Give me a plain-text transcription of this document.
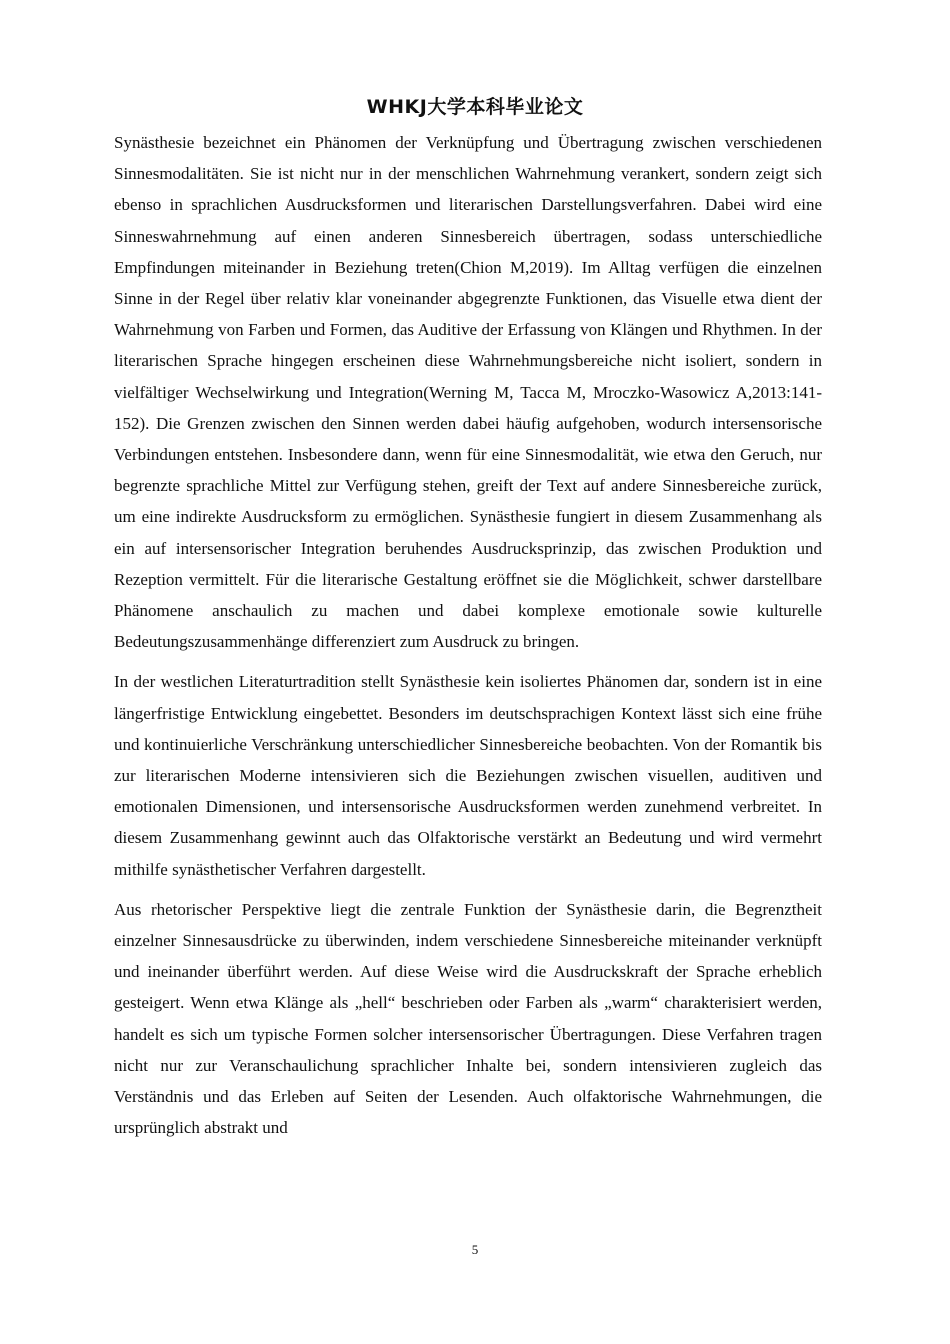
WHKJ大学本科毕业论文

Synästhesie bezeichnet ein Phänomen der Verknüpfung und Übertragung zwischen verschiedenen Sinnesmodalitäten. Sie ist nicht nur in der menschlichen Wahrnehmung verankert, sondern zeigt sich ebenso in sprachlichen Ausdrucksformen und literarischen Darstellungsverfahren. Dabei wird eine Sinneswahrnehmung auf einen anderen Sinnesbereich übertragen, sodass unterschiedliche Empfindungen miteinander in Beziehung treten(Chion M,2019). Im Alltag verfügen die einzelnen Sinne in der Regel über relativ klar voneinander abgegrenzte Funktionen, das Visuelle etwa dient der Wahrnehmung von Farben und Formen, das Auditive der Erfassung von Klängen und Rhythmen. In der literarischen Sprache hingegen erscheinen diese Wahrnehmungsbereiche nicht isoliert, sondern in vielfältiger Wechselwirkung und Integration(Werning M, Tacca M, Mroczko-Wasowicz A,2013:141-152). Die Grenzen zwischen den Sinnen werden dabei häufig aufgehoben, wodurch intersensorische Verbindungen entstehen. Insbesondere dann, wenn für eine Sinnesmodalität, wie etwa den Geruch, nur begrenzte sprachliche Mittel zur Verfügung stehen, greift der Text auf andere Sinnesbereiche zurück, um eine indirekte Ausdrucksform zu ermöglichen. Synästhesie fungiert in diesem Zusammenhang als ein auf intersensorischer Integration beruhendes Ausdrucksprinzip, das zwischen Produktion und Rezeption vermittelt. Für die literarische Gestaltung eröffnet sie die Möglichkeit, schwer darstellbare Phänomene anschaulich zu machen und dabei komplexe emotionale sowie kulturelle Bedeutungszusammenhänge differenziert zum Ausdruck zu bringen.

In der westlichen Literaturtradition stellt Synästhesie kein isoliertes Phänomen dar, sondern ist in eine längerfristige Entwicklung eingebettet. Besonders im deutschsprachigen Kontext lässt sich eine frühe und kontinuierliche Verschränkung unterschiedlicher Sinnesbereiche beobachten. Von der Romantik bis zur literarischen Moderne intensivieren sich die Beziehungen zwischen visuellen, auditiven und emotionalen Dimensionen, und intersensorische Ausdrucksformen werden zunehmend verbreitet. In diesem Zusammenhang gewinnt auch das Olfaktorische verstärkt an Bedeutung und wird vermehrt mithilfe synästhetischer Verfahren dargestellt.

Aus rhetorischer Perspektive liegt die zentrale Funktion der Synästhesie darin, die Begrenztheit einzelner Sinnesausdrücke zu überwinden, indem verschiedene Sinnesbereiche miteinander verknüpft und ineinander überführt werden. Auf diese Weise wird die Ausdruckskraft der Sprache erheblich gesteigert. Wenn etwa Klänge als „hell“ beschrieben oder Farben als „warm“ charakterisiert werden, handelt es sich um typische Formen solcher intersensorischer Übertragungen. Diese Verfahren tragen nicht nur zur Veranschaulichung sprachlicher Inhalte bei, sondern intensivieren zugleich das Verständnis und das Erleben auf Seiten der Lesenden. Auch olfaktorische Wahrnehmungen, die ursprünglich abstrakt und

5
